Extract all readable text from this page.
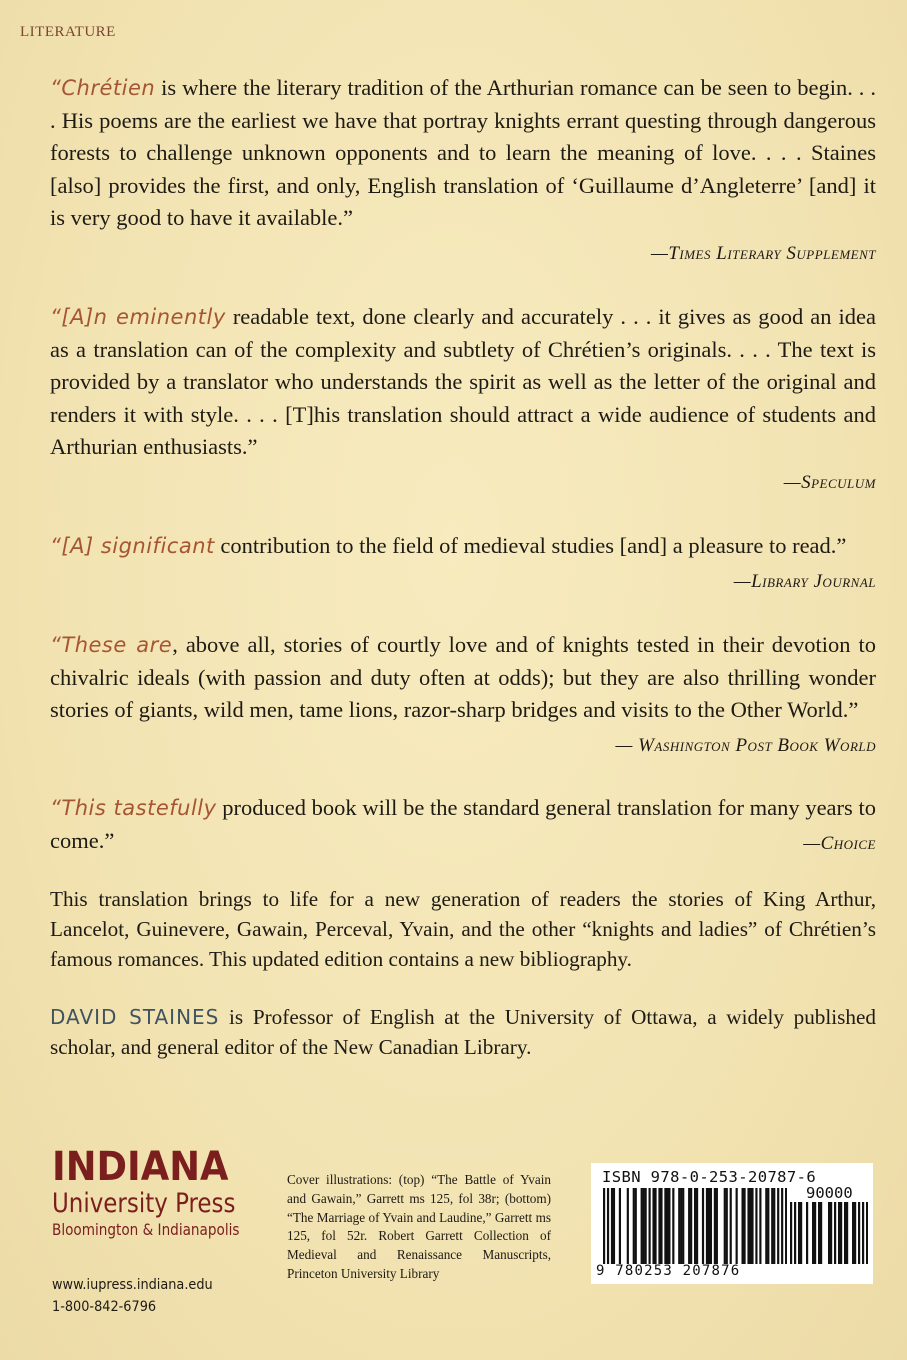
LITERATURE

“Chrétien is where the literary tradition of the Arthurian romance can be seen to begin. . . . His poems are the earliest we have that portray knights errant questing through dangerous forests to challenge unknown opponents and to learn the meaning of love. . . . Staines [also] provides the first, and only, English translation of ‘Guillaume d’Angleterre’ [and] it is very good to have it available.”

—Times Literary Supplement

“[A]n eminently readable text, done clearly and accurately . . . it gives as good an idea as a translation can of the complexity and subtlety of Chrétien’s originals. . . . The text is provided by a translator who understands the spirit as well as the letter of the original and renders it with style. . . . [T]his translation should attract a wide audience of students and Arthurian enthusiasts.”

—Speculum

“[A] significant contribution to the field of medieval studies [and] a pleasure to read.”

—Library Journal

“These are, above all, stories of courtly love and of knights tested in their devotion to chivalric ideals (with passion and duty often at odds); but they are also thrilling wonder stories of giants, wild men, tame lions, razor-sharp bridges and visits to the Other World.”

— Washington Post Book World

“This tastefully produced book will be the standard general translation for many years to come.”	—Choice

This translation brings to life for a new generation of readers the stories of King Arthur, Lancelot, Guinevere, Gawain, Perceval, Yvain, and the other “knights and ladies” of Chrétien’s famous romances. This updated edition contains a new bibliography.

DAVID STAINES is Professor of English at the University of Ottawa, a widely published scholar, and general editor of the New Canadian Library.

INDIANA
University Press
Bloomington & Indianapolis
www.iupress.indiana.edu
1-800-842-6796
Cover illustrations: (top) “The Battle of Yvain and Gawain,” Garrett ms 125, fol 38r; (bottom) “The Marriage of Yvain and Laudine,” Garrett ms 125, fol 52r. Robert Garrett Collection of Medieval and Renaissance Manuscripts, Princeton University Library
ISBN 978-0-253-20787-6
90000
9 780253 207876
